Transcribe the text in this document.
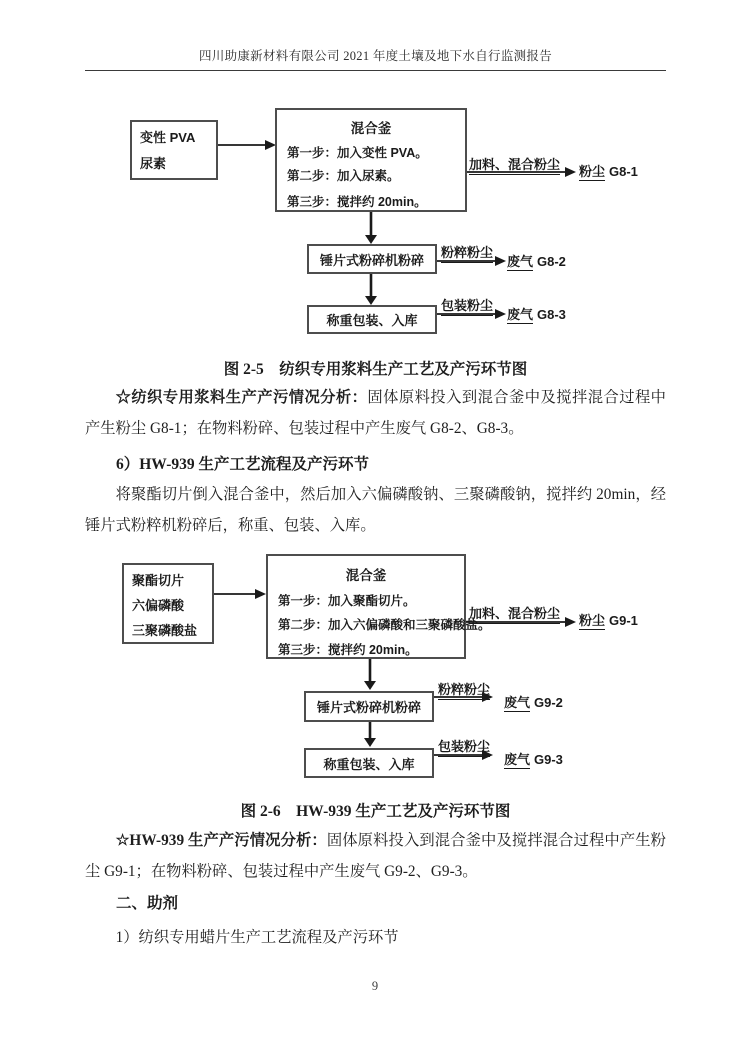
四川助康新材料有限公司 2021 年度土壤及地下水自行监测报告
变性 PVA
尿素
混合釜
第一步：加入变性 PVA。
第二步：加入尿素。
第三步：搅拌约 20min。
加料、混合粉尘 粉尘 G8-1
锤片式粉碎机粉碎 粉粹粉尘
废气 G8-2
称重包装、入库
包装粉尘
废气 G8-3
图 2-5　纺织专用浆料生产工艺及产污环节图

☆纺织专用浆料生产产污情况分析：固体原料投入到混合釜中及搅拌混合过程中产生粉尘 G8-1；在物料粉碎、包装过程中产生废气 G8-2、G8-3。

6）HW-939 生产工艺流程及产污环节

将聚酯切片倒入混合釜中，然后加入六偏磷酸钠、三聚磷酸钠，搅拌约 20min，经锤片式粉粹机粉碎后，称重、包装、入库。

聚酯切片
六偏磷酸
三聚磷酸盐
混合釜
第一步：加入聚酯切片。
第二步：加入六偏磷酸和三聚磷酸盐。
第三步：搅拌约 20min。
加料、混合粉尘 粉尘 G9-1
锤片式粉碎机粉碎
粉粹粉尘
废气 G9-2
称重包装、入库
包装粉尘
废气 G9-3
图 2-6　HW-939 生产工艺及产污环节图

☆HW-939 生产产污情况分析：固体原料投入到混合釜中及搅拌混合过程中产生粉尘 G9-1；在物料粉碎、包装过程中产生废气 G9-2、G9-3。

二、助剂

1）纺织专用蜡片生产工艺流程及产污环节

9
